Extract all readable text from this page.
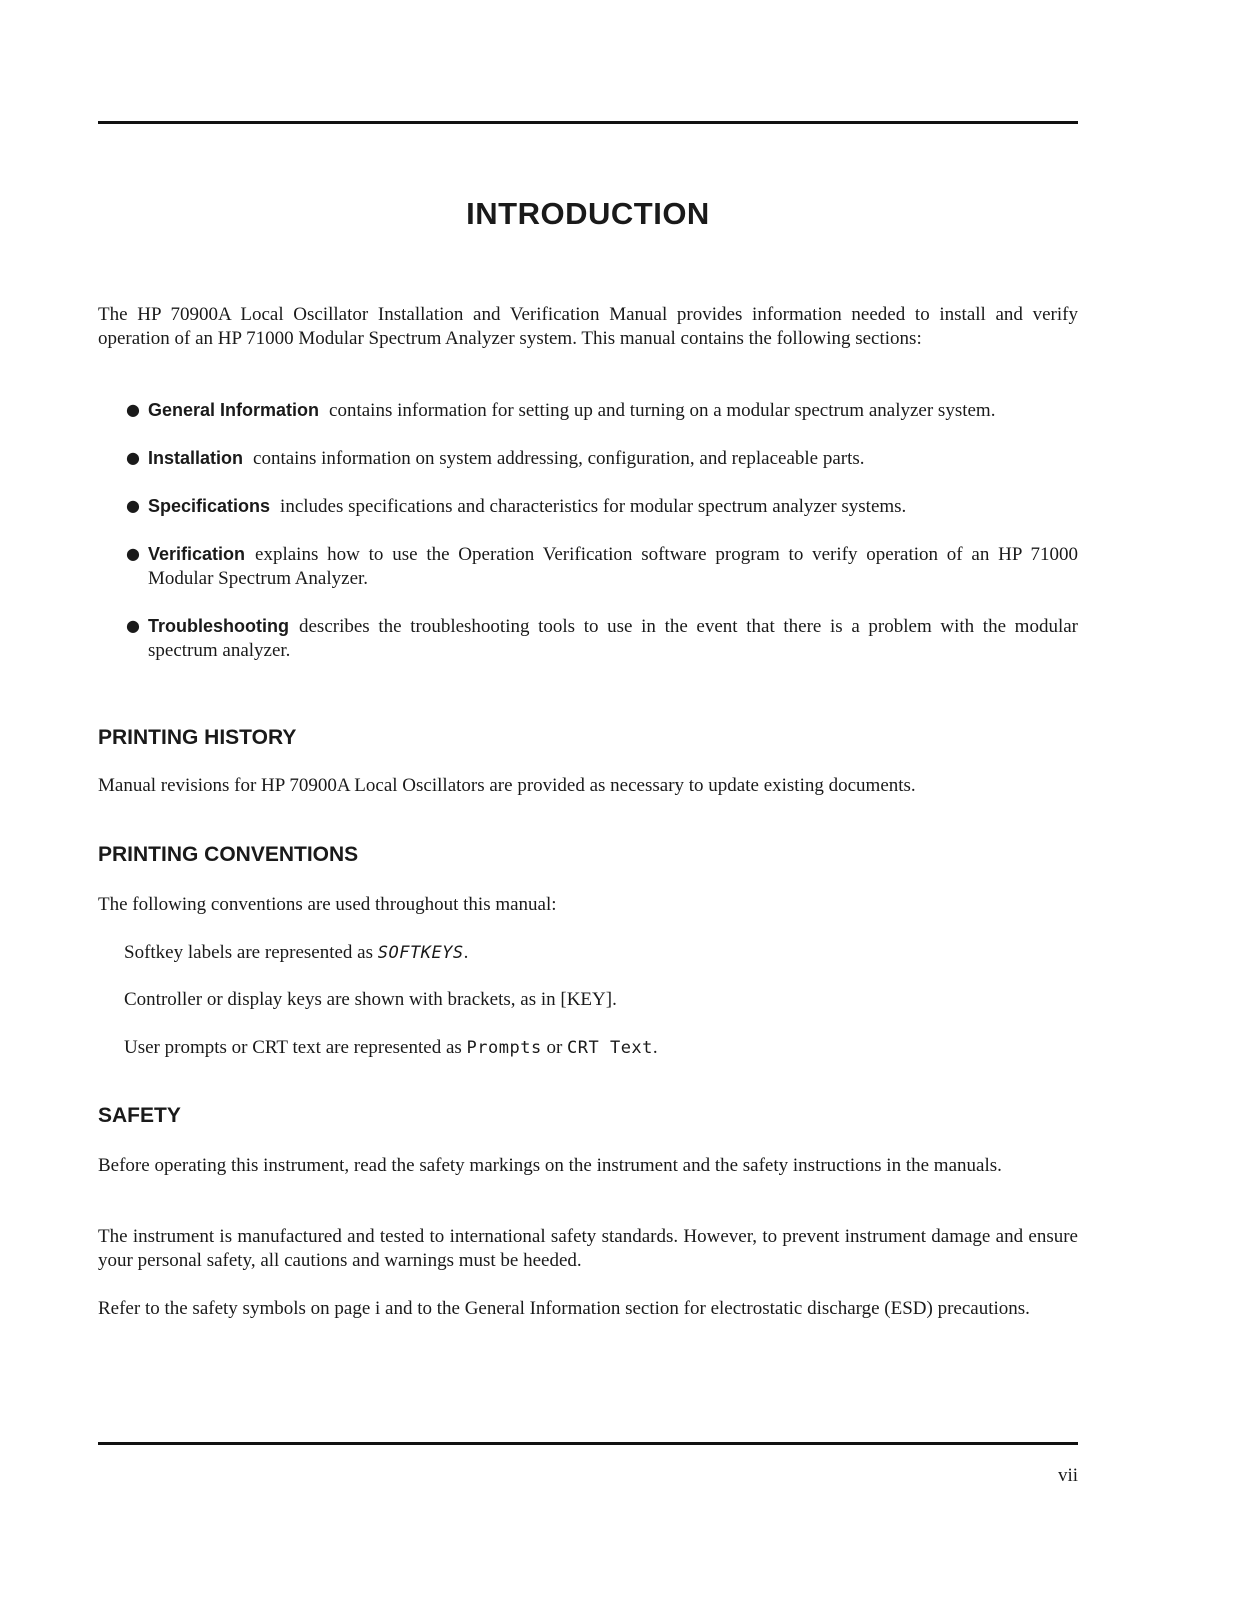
INTRODUCTION

The HP 70900A Local Oscillator Installation and Verification Manual provides information needed to install and verify operation of an HP 71000 Modular Spectrum Analyzer system. This manual contains the following sections:

● General Information contains information for setting up and turning on a modular spectrum analyzer system.
● Installation contains information on system addressing, configuration, and replaceable parts.
● Specifications includes specifications and characteristics for modular spectrum analyzer systems.
● Verification explains how to use the Operation Verification software program to verify operation of an HP 71000 Modular Spectrum Analyzer.
● Troubleshooting describes the troubleshooting tools to use in the event that there is a problem with the modular spectrum analyzer.
PRINTING HISTORY

Manual revisions for HP 70900A Local Oscillators are provided as necessary to update existing documents.

PRINTING CONVENTIONS

The following conventions are used throughout this manual:

Softkey labels are represented as SOFTKEYS.

Controller or display keys are shown with brackets, as in [KEY].

User prompts or CRT text are represented as Prompts or CRT Text.

SAFETY

Before operating this instrument, read the safety markings on the instrument and the safety instructions in the manuals.

The instrument is manufactured and tested to international safety standards. However, to prevent instrument damage and ensure your personal safety, all cautions and warnings must be heeded.

Refer to the safety symbols on page i and to the General Information section for electrostatic discharge (ESD) precautions.

vii
